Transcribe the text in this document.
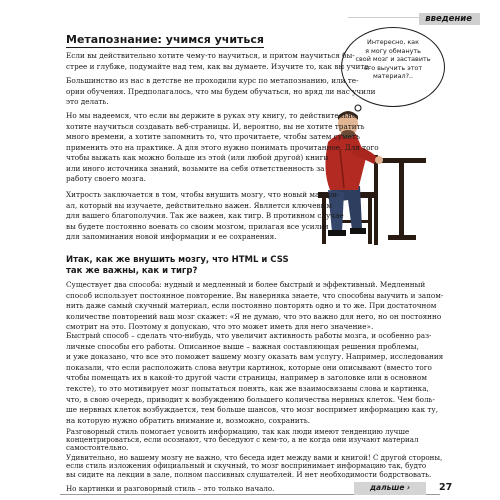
введение
Метапознание: учимся учиться	Интересно, как
я могу обмануть
свой мозг и заставить
его выучить этот
материал?..
Если вы действительно хотите чему-то научиться, и притом научиться бы-
стрее и глубже, подумайте над тем, как вы думаете. Изучите то, как вы учите.
Большинство из нас в детстве не проходили курс по метапознанию, или те-
ории обучения. Предполагалось, что мы будем обучаться, но вряд ли нас учили
это делать.
Но мы надеемся, что если вы держите в руках эту книгу, то действительно
хотите научиться создавать веб-страницы. И, вероятно, вы не хотите тратить
много времени, а хотите запомнить то, что прочитаете, чтобы затем суметь
применить это на практике. А для этого нужно понимать прочитанное. Для того
чтобы выжать как можно больше из этой (или любой другой) книги
или иного источника знаний, возьмите на себя ответственность за
работу своего мозга.
Хитрость заключается в том, чтобы внушить мозгу, что новый матери-
ал, который вы изучаете, действительно важен. Является ключевым
для вашего благополучия. Так же важен, как тигр. В противном случае
вы будете постоянно воевать со своим мозгом, прилагая все усилия
для запоминания новой информации и ее сохранения.
Итак, как же внушить мозгу, что HTML и CSS
так же важны, как и тигр?
Существует два способа: нудный и медленный и более быстрый и эффективный. Медленный
способ использует постоянное повторение. Вы наверняка знаете, что способны выучить и запом-
нить даже самый скучный материал, если постоянно повторять одно и то же. При достаточном
количестве повторений ваш мозг скажет: «Я не думаю, что это важно для него, но он постоянно
смотрит на это. Поэтому я допускаю, что это может иметь для него значение».
Быстрый способ – сделать что-нибудь, что увеличит активность работы мозга, и особенно раз-
личные способы его работы. Описанное выше – важная составляющая решения проблемы,
и уже доказано, что все это поможет вашему мозгу оказать вам услугу. Например, исследования
показали, что если расположить слова внутри картинок, которые они описывают (вместо того
чтобы помещать их в какой-то другой части страницы, например в заголовке или в основном
тексте), то это мотивирует мозг попытаться понять, как же взаимосвязаны слова и картинка,
что, в свою очередь, приводит к возбуждению большего количества нервных клеток. Чем боль-
ше нервных клеток возбуждается, тем больше шансов, что мозг воспримет информацию как ту,
на которую нужно обратить внимание и, возможно, сохранить.
Разговорный стиль помогает усвоить информацию, так как люди имеют тенденцию лучше
концентрироваться, если осознают, что беседуют с кем-то, а не когда они изучают материал
самостоятельно.
Удивительно, но вашему мозгу не важно, что беседа идет между вами и книгой! С другой стороны,
если стиль изложения официальный и скучный, то мозг воспринимает информацию так, будто
вы сидите на лекции в зале, полном пассивных слушателей. И нет необходимости бодрствовать.
Но картинки и разговорный стиль – это только начало.	дальше ›	27
